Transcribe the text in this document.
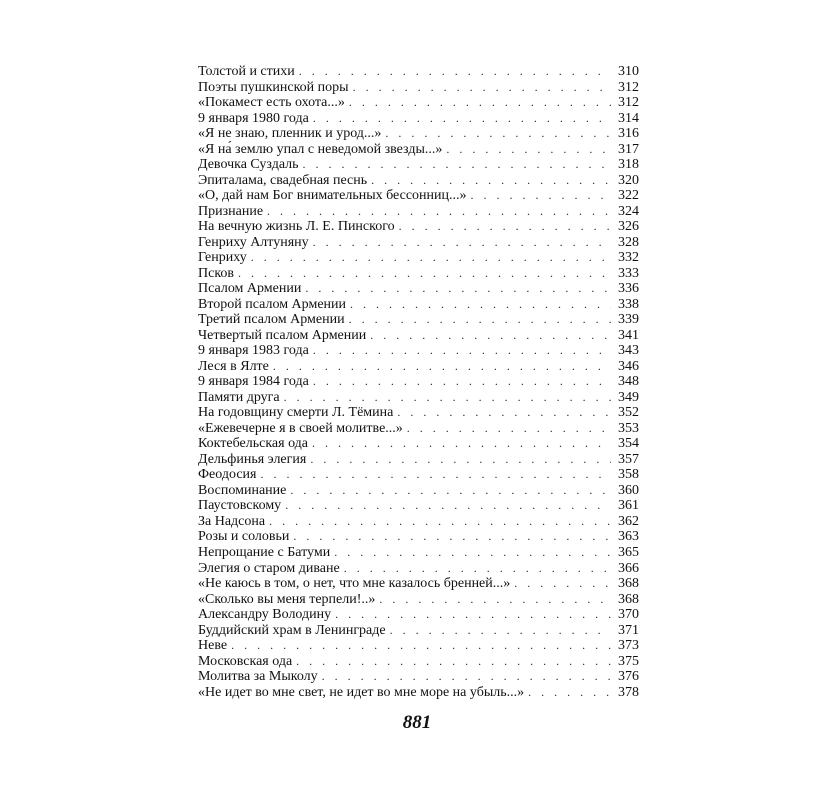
Толстой и стихи . . .	310
Поэты пушкинской поры . . .	312
«Покамест есть охота...» . . .	312
9 января 1980 года . . .	314
«Я не знаю, пленник и урод...» . . .	316
«Я на́ землю упал с неведомой звезды...» . . .	317
Девочка Суздаль . . .	318
Эпиталама, свадебная песнь . . .	320
«О, дай нам Бог внимательных бессонниц...» . . .	322
Признание . . .	324
На вечную жизнь Л. Е. Пинского . . .	326
Генриху Алтуняну . . .	328
Генриху . . .	332
Псков . . .	333
Псалом Армении . . .	336
Второй псалом Армении . . .	338
Третий псалом Армении . . .	339
Четвертый псалом Армении . . .	341
9 января 1983 года . . .	343
Леся в Ялте . . .	346
9 января 1984 года . . .	348
Памяти друга . . .	349
На годовщину смерти Л. Тёмина . . .	352
«Ежевечерне я в своей молитве...» . . .	353
Коктебельская ода . . .	354
Дельфинья элегия . . .	357
Феодосия . . .	358
Воспоминание . . .	360
Паустовскому . . .	361
За Надсона . . .	362
Розы и соловьи . . .	363
Непрощание с Батуми . . .	365
Элегия о старом диване . . .	366
«Не каюсь в том, о нет, что мне казалось бренней...» . . .	368
«Сколько вы меня терпели!..» . . .	368
Александру Володину . . .	370
Буддийский храм в Ленинграде . . .	371
Неве . . .	373
Московская ода . . .	375
Молитва за Мыколу . . .	376
«Не идет во мне свет, не идет во мне море на убыль...» . . .	378
881
